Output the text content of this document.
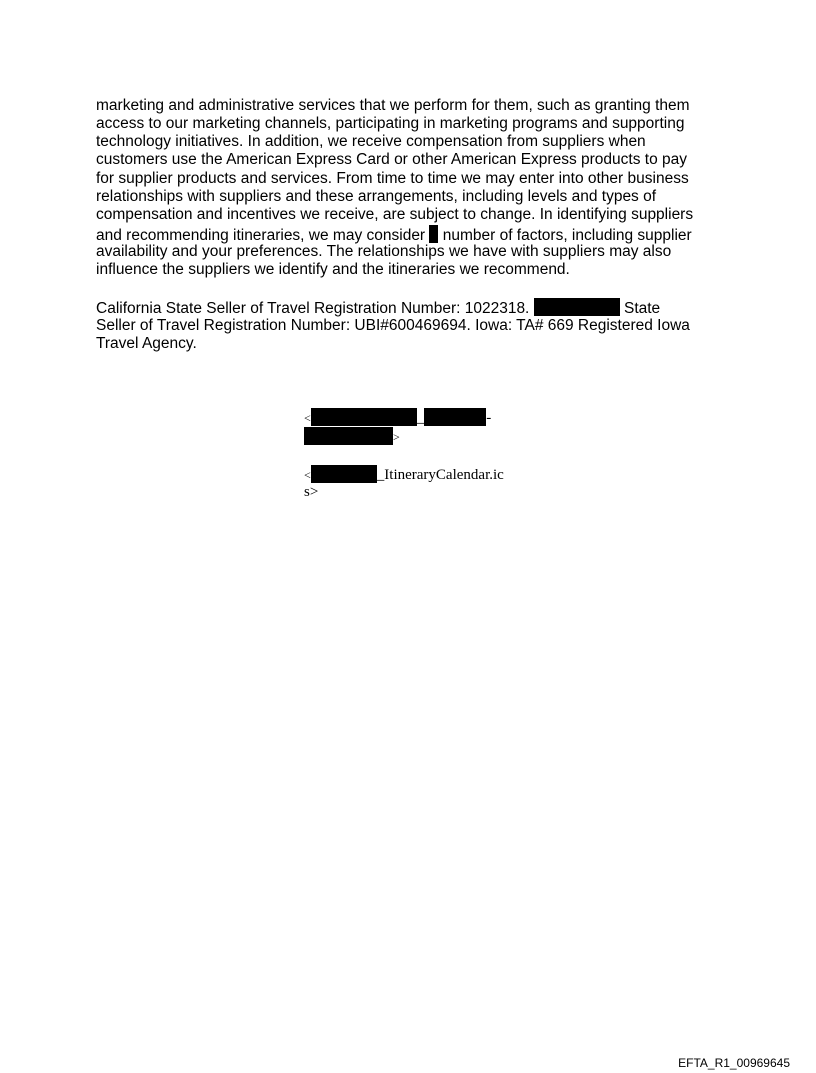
marketing and administrative services that we perform for them, such as granting them
access to our marketing channels, participating in marketing programs and supporting
technology initiatives. In addition, we receive compensation from suppliers when
customers use the American Express Card or other American Express products to pay
for supplier products and services. From time to time we may enter into other business
relationships with suppliers and these arrangements, including levels and types of
compensation and incentives we receive, are subject to change. In identifying suppliers
and recommending itineraries, we may consider  number of factors, including supplier
availability and your preferences. The relationships we have with suppliers may also
influence the suppliers we identify and the itineraries we recommend.
California State Seller of Travel Registration Number: 1022318.	State
Seller of Travel Registration Number: UBI#600469694. Iowa: TA# 669 Registered Iowa
Travel Agency.
<	_	-
>
<	_ItineraryCalendar.ic
s>
EFTA_R1_00969645
